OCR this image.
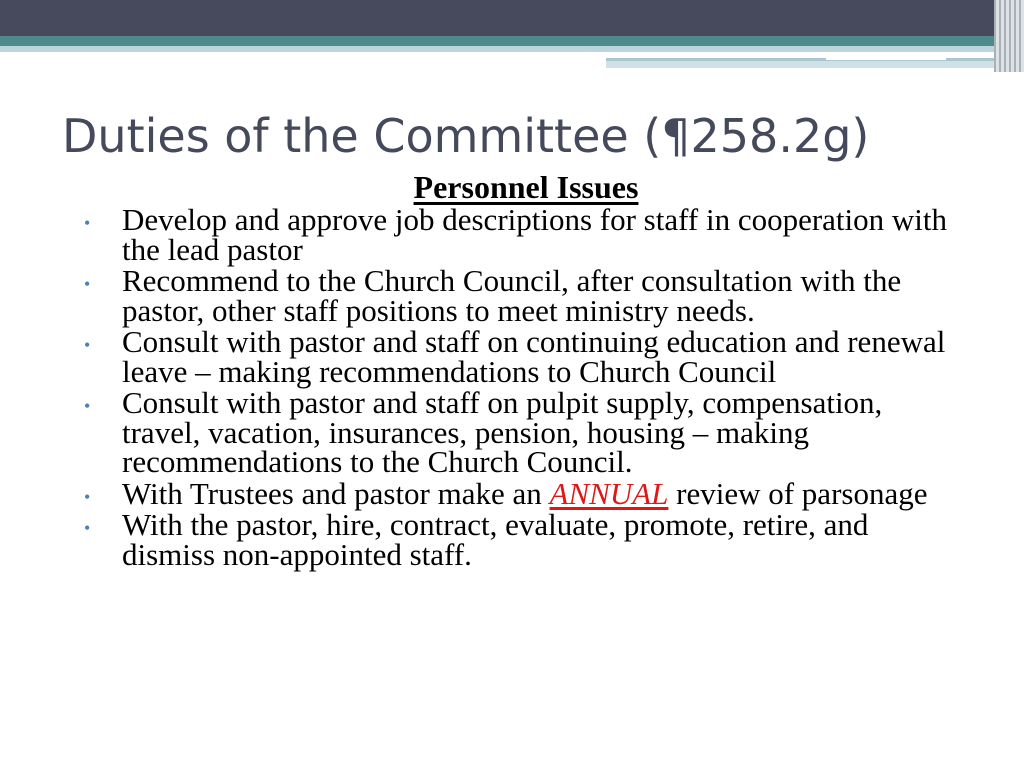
Duties of the Committee (¶258.2g)
Personnel Issues
• Develop and approve job descriptions for staff in cooperation with the lead pastor
• Recommend to the Church Council, after consultation with the pastor, other staff positions to meet ministry needs.
• Consult with pastor and staff on continuing education and renewal leave – making recommendations to Church Council
• Consult with pastor and staff on pulpit supply, compensation, travel, vacation, insurances, pension, housing – making recommendations to the Church Council.
• With Trustees and pastor make an ANNUAL review of parsonage
• With the pastor, hire, contract, evaluate, promote, retire, and dismiss non-appointed staff.
